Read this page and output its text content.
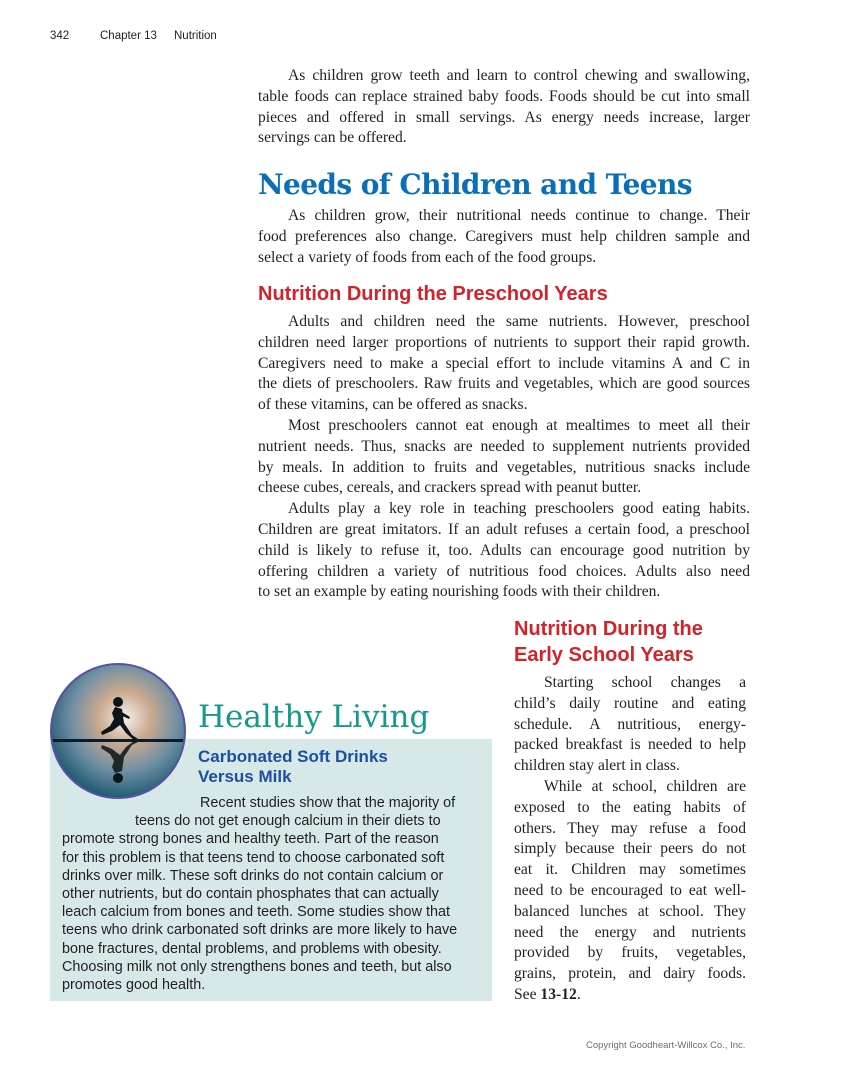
342	Chapter 13 Nutrition
As children grow teeth and learn to control chewing and swallowing,
table foods can replace strained baby foods. Foods should be cut into small
pieces and offered in small servings. As energy needs increase, larger
servings can be offered.
Needs of Children and Teens
As children grow, their nutritional needs continue to change. Their
food preferences also change. Caregivers must help children sample and
select a variety of foods from each of the food groups.
Nutrition During the Preschool Years
Adults and children need the same nutrients. However, preschool
children need larger proportions of nutrients to support their rapid growth.
Caregivers need to make a special effort to include vitamins A and C in
the diets of preschoolers. Raw fruits and vegetables, which are good sources
of these vitamins, can be offered as snacks.
Most preschoolers cannot eat enough at mealtimes to meet all their
nutrient needs. Thus, snacks are needed to supplement nutrients provided
by meals. In addition to fruits and vegetables, nutritious snacks include
cheese cubes, cereals, and crackers spread with peanut butter.
Adults play a key role in teaching preschoolers good eating habits.
Children are great imitators. If an adult refuses a certain food, a preschool
child is likely to refuse it, too. Adults can encourage good nutrition by
offering children a variety of nutritious food choices. Adults also need
to set an example by eating nourishing foods with their children.
Nutrition During the
Early School Years
Starting school changes a
child’s daily routine and eating
schedule. A nutritious, energy-
packed breakfast is needed to help
children stay alert in class.
While at school, children are
exposed to the eating habits of
others. They may refuse a food
simply because their peers do not
eat it. Children may sometimes
need to be encouraged to eat well-
balanced lunches at school. They
need the energy and nutrients
provided by fruits, vegetables,
grains, protein, and dairy foods.
See 13-12.
Healthy Living
Carbonated Soft Drinks
Versus Milk
Recent studies show that the majority of
teens do not get enough calcium in their diets to
promote strong bones and healthy teeth. Part of the reason
for this problem is that teens tend to choose carbonated soft
drinks over milk. These soft drinks do not contain calcium or
other nutrients, but do contain phosphates that can actually
leach calcium from bones and teeth. Some studies show that
teens who drink carbonated soft drinks are more likely to have
bone fractures, dental problems, and problems with obesity.
Choosing milk not only strengthens bones and teeth, but also
promotes good health.
Copyright Goodheart-Willcox Co., Inc.
